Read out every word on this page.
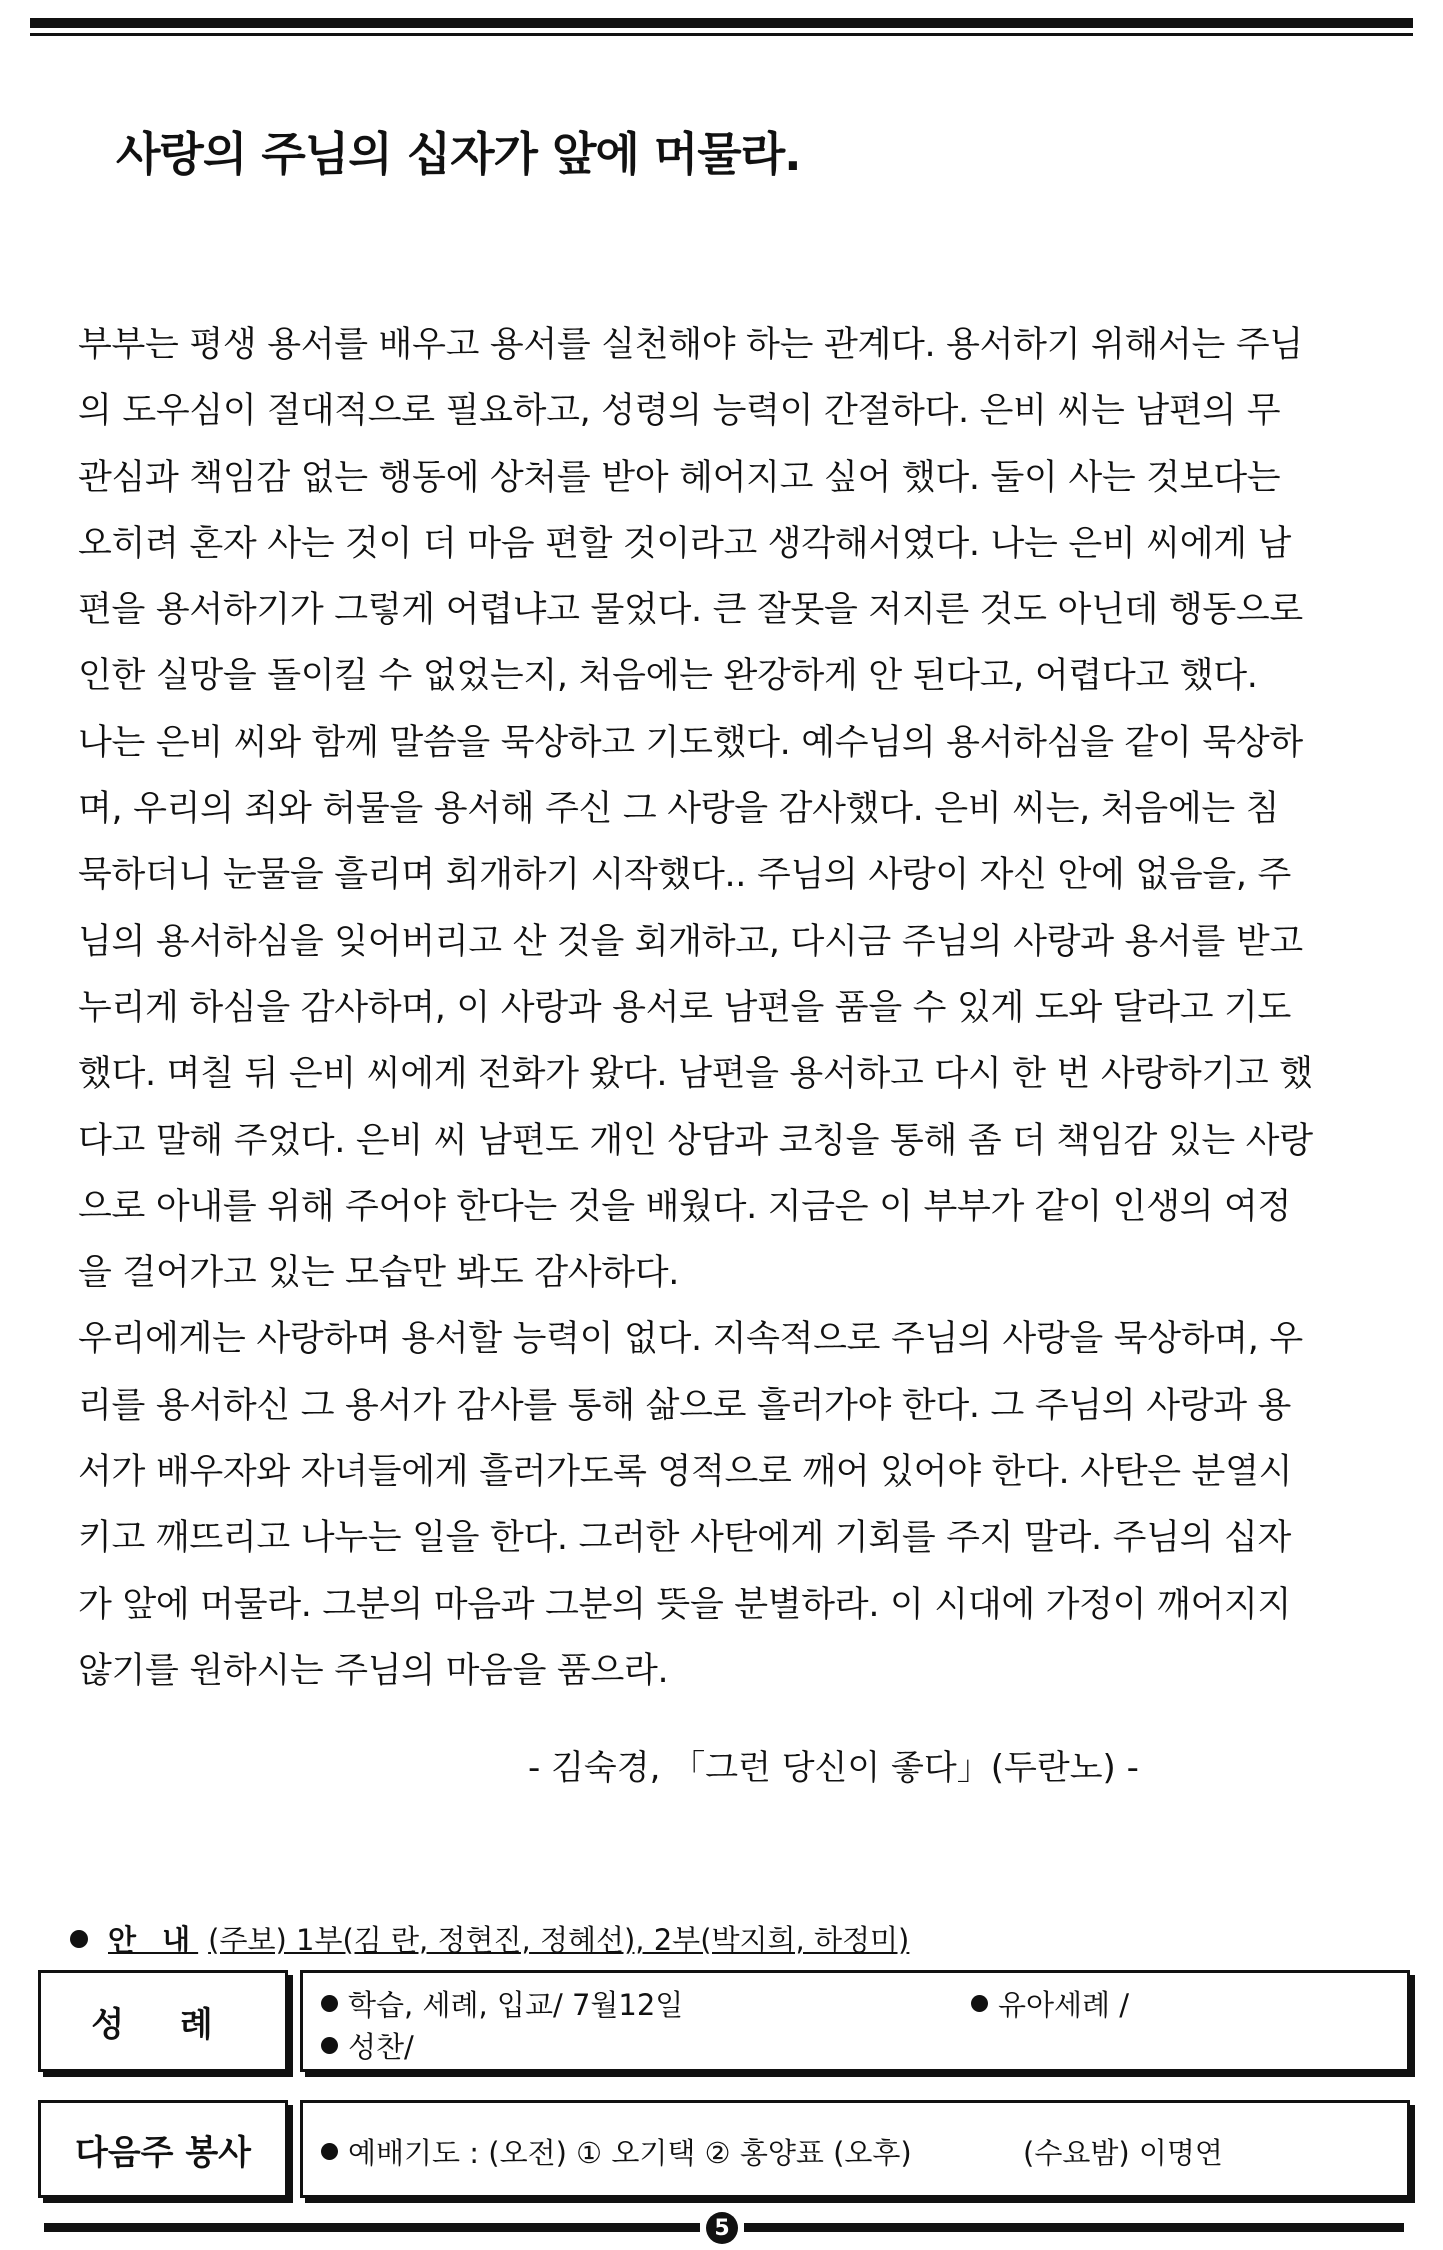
사랑의 주님의 십자가 앞에 머물라.
부부는 평생 용서를 배우고 용서를 실천해야 하는 관계다. 용서하기 위해서는 주님
의 도우심이 절대적으로 필요하고, 성령의 능력이 간절하다. 은비 씨는 남편의 무
관심과 책임감 없는 행동에 상처를 받아 헤어지고 싶어 했다. 둘이 사는 것보다는
오히려 혼자 사는 것이 더 마음 편할 것이라고 생각해서였다. 나는 은비 씨에게 남
편을 용서하기가 그렇게 어렵냐고 물었다. 큰 잘못을 저지른 것도 아닌데 행동으로
인한 실망을 돌이킬 수 없었는지, 처음에는 완강하게 안 된다고, 어렵다고 했다.
나는 은비 씨와 함께 말씀을 묵상하고 기도했다. 예수님의 용서하심을 같이 묵상하
며, 우리의 죄와 허물을 용서해 주신 그 사랑을 감사했다. 은비 씨는, 처음에는 침
묵하더니 눈물을 흘리며 회개하기 시작했다.. 주님의 사랑이 자신 안에 없음을, 주
님의 용서하심을 잊어버리고 산 것을 회개하고, 다시금 주님의 사랑과 용서를 받고
누리게 하심을 감사하며, 이 사랑과 용서로 남편을 품을 수 있게 도와 달라고 기도
했다. 며칠 뒤 은비 씨에게 전화가 왔다. 남편을 용서하고 다시 한 번 사랑하기고 했
다고 말해 주었다. 은비 씨 남편도 개인 상담과 코칭을 통해 좀 더 책임감 있는 사랑
으로 아내를 위해 주어야 한다는 것을 배웠다. 지금은 이 부부가 같이 인생의 여정
을 걸어가고 있는 모습만 봐도 감사하다.
우리에게는 사랑하며 용서할 능력이 없다. 지속적으로 주님의 사랑을 묵상하며, 우
리를 용서하신 그 용서가 감사를 통해 삶으로 흘러가야 한다. 그 주님의 사랑과 용
서가 배우자와 자녀들에게 흘러가도록 영적으로 깨어 있어야 한다. 사탄은 분열시
키고 깨뜨리고 나누는 일을 한다. 그러한 사탄에게 기회를 주지 말라. 주님의 십자
가 앞에 머물라. 그분의 마음과 그분의 뜻을 분별하라. 이 시대에 가정이 깨어지지
않기를 원하시는 주님의 마음을 품으라.
- 김숙경, 「그런 당신이 좋다」(두란노) -
안 내 (주보) 1부(김 란, 정현진, 정혜선), 2부(박지희, 하정미)
성 례	학습, 세례, 입교/ 7월12일	유아세례 /
성찬/
다음주 봉사	예배기도 : (오전) ① 오기택 ② 홍양표 (오후)	(수요밤) 이명연
5
